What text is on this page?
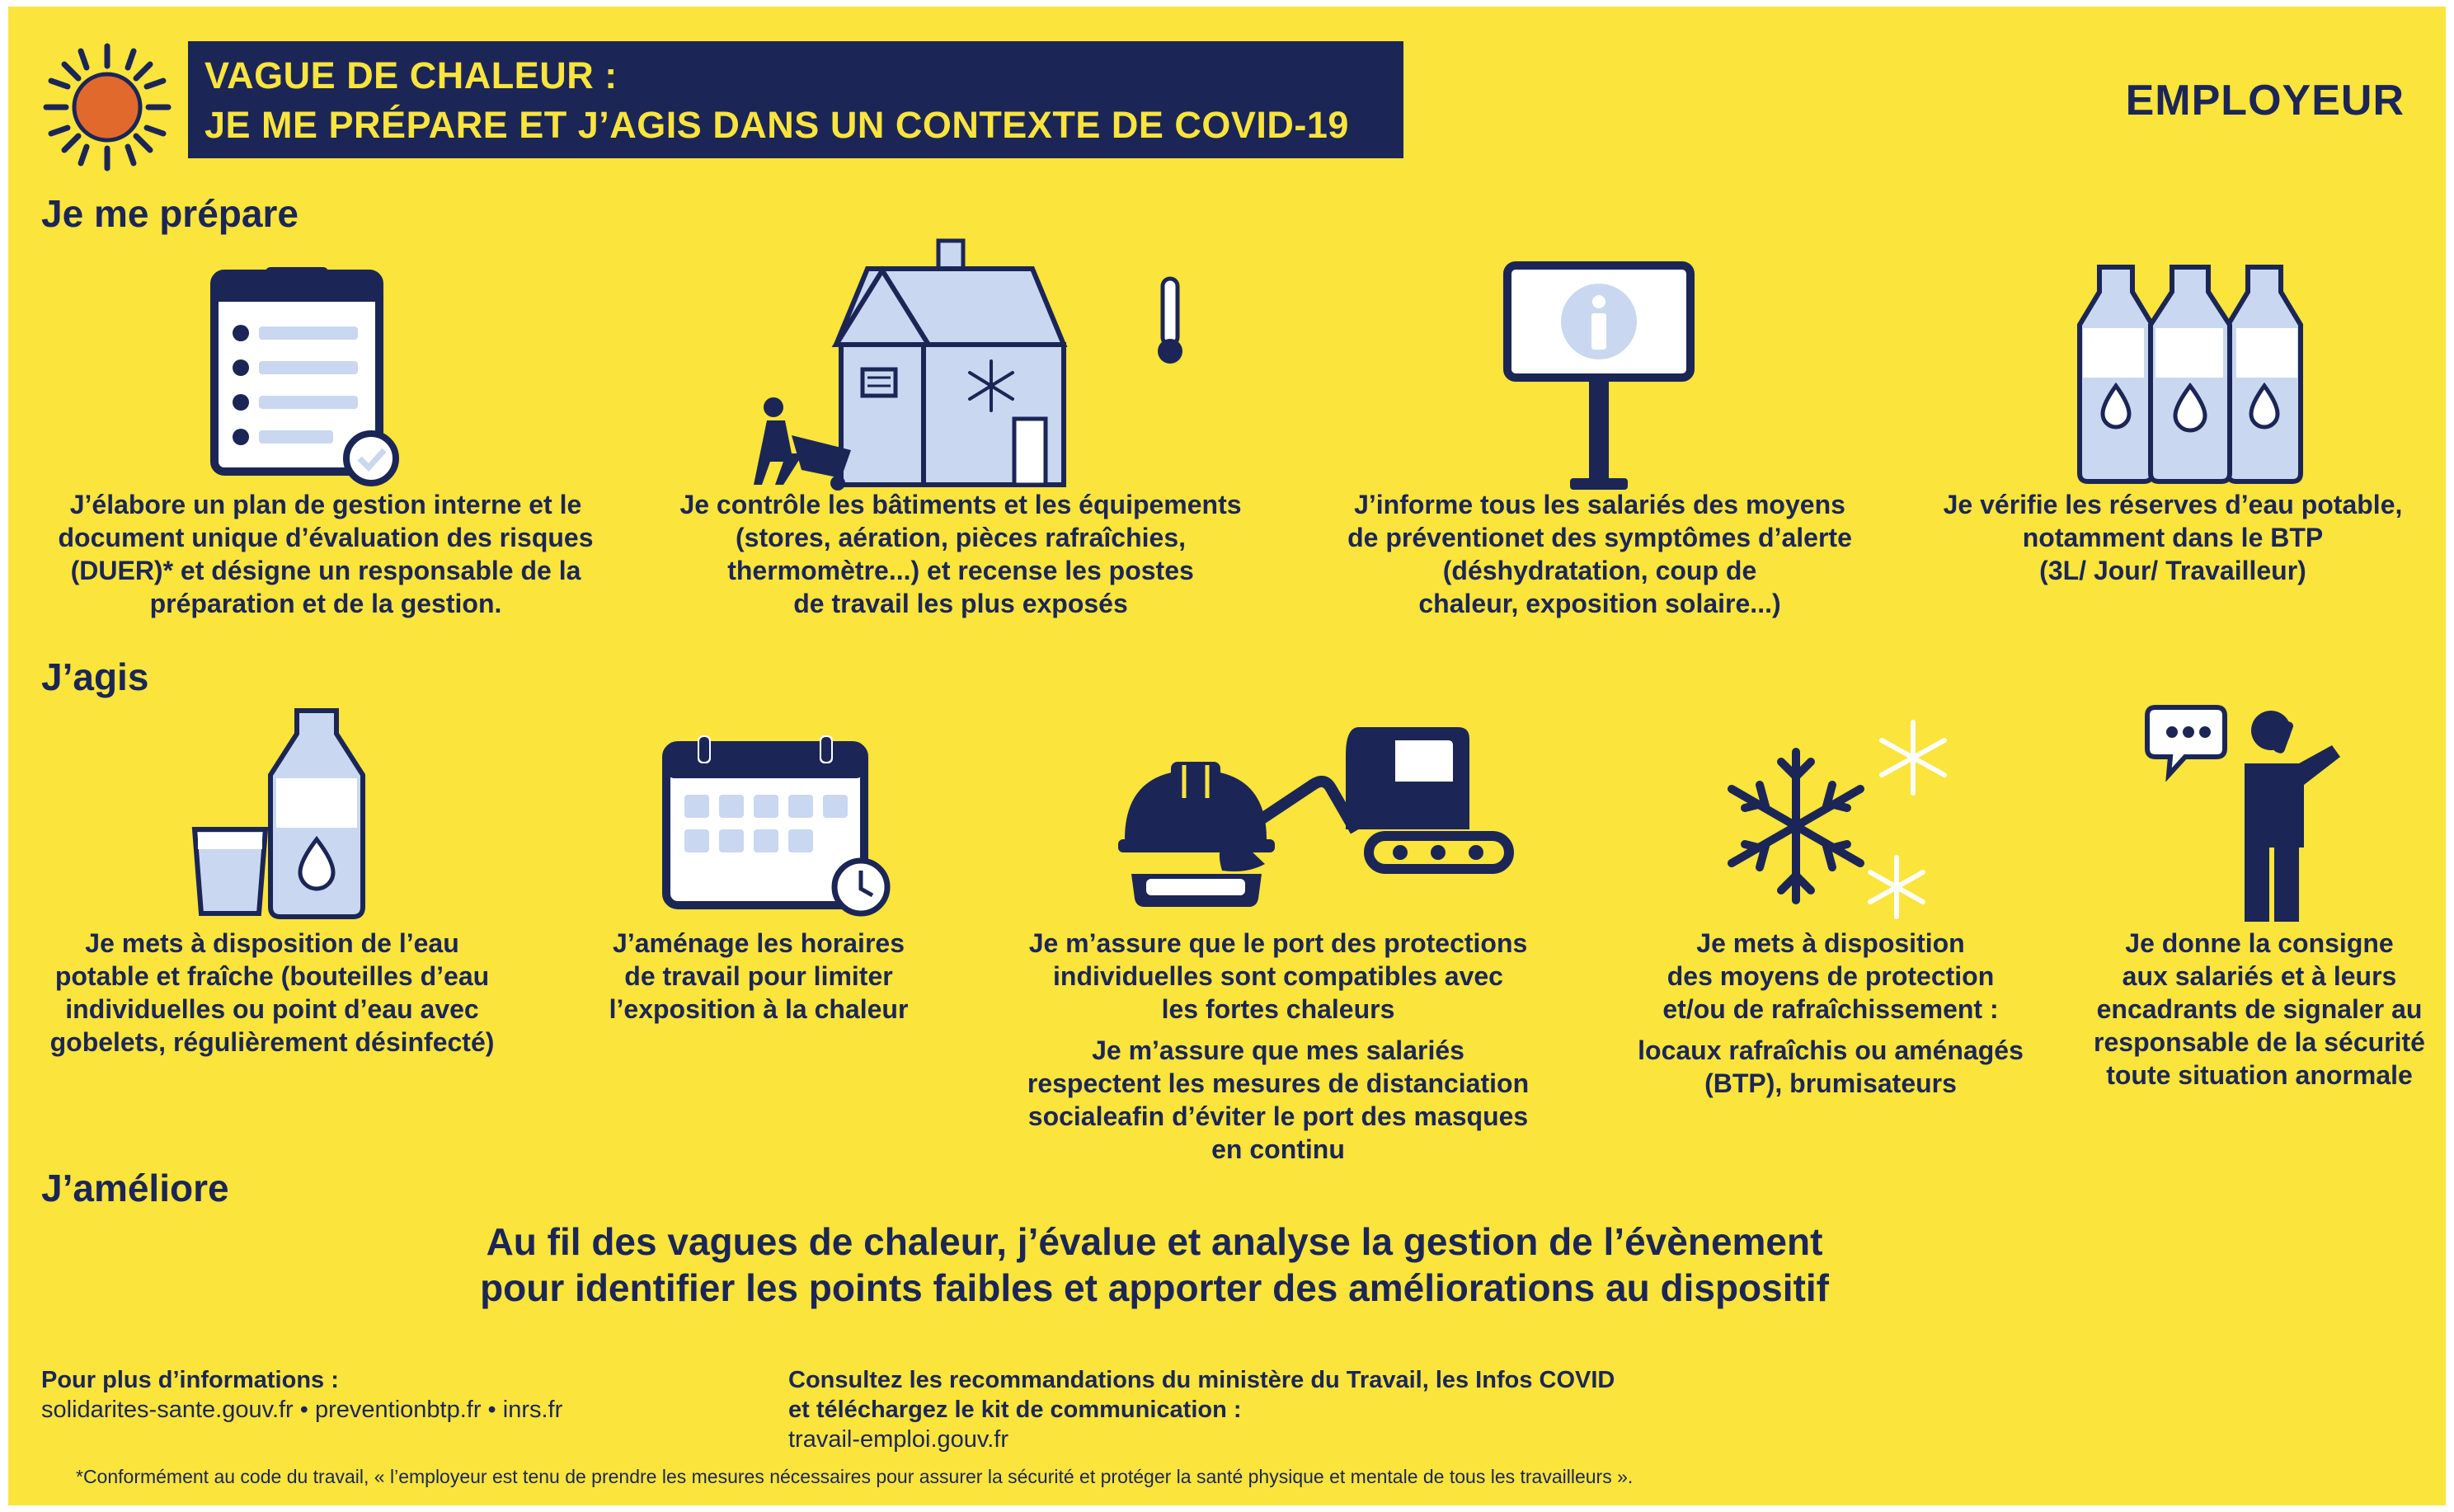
VAGUE DE CHALEUR :
JE ME PRÉPARE ET J’AGIS DANS UN CONTEXTE DE COVID-19
EMPLOYEUR
Je me prépare
J’élabore un plan de gestion interne et le
document unique d’évaluation des risques
(DUER)* et désigne un responsable de la
préparation et de la gestion.
Je contrôle les bâtiments et les équipements
(stores, aération, pièces rafraîchies,
thermomètre...) et recense les postes
de travail les plus exposés
J’informe tous les salariés des moyens
de préventionet des symptômes d’alerte
(déshydratation, coup de
chaleur, exposition solaire...)
Je vérifie les réserves d’eau potable,
notamment dans le BTP
(3L/ Jour/ Travailleur)
J’agis
Je mets à disposition de l’eau
potable et fraîche (bouteilles d’eau
individuelles ou point d’eau avec
gobelets, régulièrement désinfecté)
J’aménage les horaires
de travail pour limiter
l’exposition à la chaleur
Je m’assure que le port des protections
individuelles sont compatibles avec
les fortes chaleurs
Je m’assure que mes salariés
respectent les mesures de distanciation
socialeafin d’éviter le port des masques
en continu
Je mets à disposition
des moyens de protection
et/ou de rafraîchissement :
locaux rafraîchis ou aménagés
(BTP), brumisateurs
Je donne la consigne
aux salariés et à leurs
encadrants de signaler au
responsable de la sécurité
toute situation anormale
J’améliore
Au fil des vagues de chaleur, j’évalue et analyse la gestion de l’évènement
pour identifier les points faibles et apporter des améliorations au dispositif
Pour plus d’informations :
solidarites-sante.gouv.fr • preventionbtp.fr • inrs.fr
Consultez les recommandations du ministère du Travail, les Infos COVID
et téléchargez le kit de communication :
travail-emploi.gouv.fr
*Conformément au code du travail, « l’employeur est tenu de prendre les mesures nécessaires pour assurer la sécurité et protéger la santé physique et mentale de tous les travailleurs ».
